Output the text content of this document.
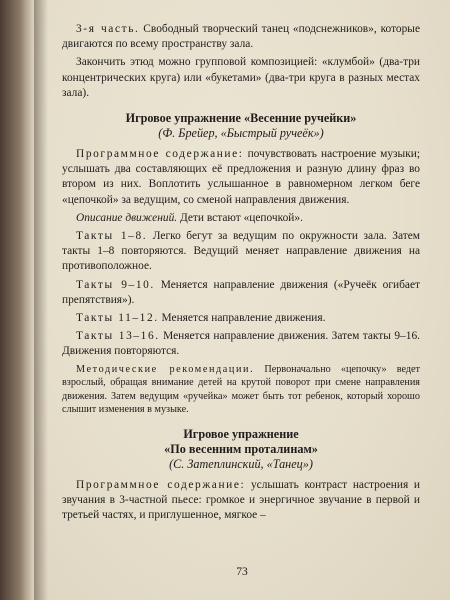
3-я часть. Свободный творческий танец «подснежников», которые двигаются по всему пространству зала.

Закончить этюд можно групповой композицией: «клумбой» (два-три концентрических круга) или «букетами» (два-три круга в разных местах зала).

Игровое упражнение «Весенние ручейки»
(Ф. Брейер, «Быстрый ручеёк»)

Программное содержание: почувствовать настроение музыки; услышать два составляющих её предложения и разную длину фраз во втором из них. Воплотить услышанное в равномерном легком беге «цепочкой» за ведущим, со сменой направления движения.

Описание движений. Дети встают «цепочкой».

Такты 1–8. Легко бегут за ведущим по окружности зала. Затем такты 1–8 повторяются. Ведущий меняет направление движения на противоположное.

Такты 9–10. Меняется направление движения («Ручеёк огибает препятствия»).

Такты 11–12. Меняется направление движения.

Такты 13–16. Меняется направление движения. Затем такты 9–16. Движения повторяются.

Методические рекомендации. Первоначально «цепочку» ведет взрослый, обращая внимание детей на крутой поворот при смене направления движения. Затем ведущим «ручейка» может быть тот ребенок, который хорошо слышит изменения в музыке.

Игровое упражнение
«По весенним проталинам»
(С. Затеплинский, «Танец»)

Программное содержание: услышать контраст настроения и звучания в 3-частной пьесе: громкое и энергичное звучание в первой и третьей частях, и приглушенное, мягкое –

73
